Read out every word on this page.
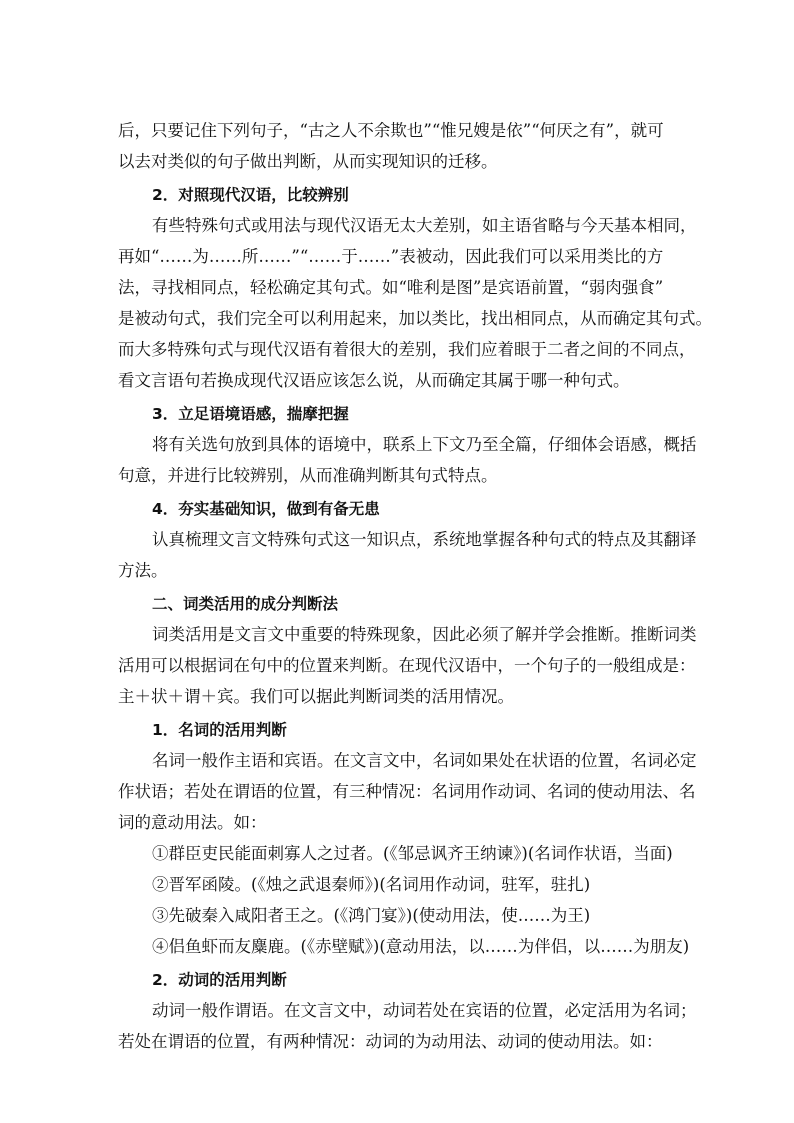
后，只要记住下列句子，“古之人不余欺也”“惟兄嫂是依”“何厌之有”，就可
以去对类似的句子做出判断，从而实现知识的迁移。
2．对照现代汉语，比较辨别
有些特殊句式或用法与现代汉语无太大差别，如主语省略与今天基本相同，
再如“……为……所……”“……于……”表被动，因此我们可以采用类比的方
法，寻找相同点，轻松确定其句式。如“唯利是图”是宾语前置，“弱肉强食”
是被动句式，我们完全可以利用起来，加以类比，找出相同点，从而确定其句式。
而大多特殊句式与现代汉语有着很大的差别，我们应着眼于二者之间的不同点，
看文言语句若换成现代汉语应该怎么说，从而确定其属于哪一种句式。
3．立足语境语感，揣摩把握
将有关选句放到具体的语境中，联系上下文乃至全篇，仔细体会语感，概括
句意，并进行比较辨别，从而准确判断其句式特点。
4．夯实基础知识，做到有备无患
认真梳理文言文特殊句式这一知识点，系统地掌握各种句式的特点及其翻译
方法。
二、词类活用的成分判断法
词类活用是文言文中重要的特殊现象，因此必须了解并学会推断。推断词类
活用可以根据词在句中的位置来判断。在现代汉语中，一个句子的一般组成是：
主＋状＋谓＋宾。我们可以据此判断词类的活用情况。
1．名词的活用判断
名词一般作主语和宾语。在文言文中，名词如果处在状语的位置，名词必定
作状语；若处在谓语的位置，有三种情况：名词用作动词、名词的使动用法、名
词的意动用法。如：
①群臣吏民能面刺寡人之过者。(《邹忌讽齐王纳谏》)(名词作状语，当面)
②晋军函陵。(《烛之武退秦师》)(名词用作动词，驻军，驻扎)
③先破秦入咸阳者王之。(《鸿门宴》)(使动用法，使……为王)
④侣鱼虾而友麋鹿。(《赤壁赋》)(意动用法，以……为伴侣，以……为朋友)
2．动词的活用判断
动词一般作谓语。在文言文中，动词若处在宾语的位置，必定活用为名词；
若处在谓语的位置，有两种情况：动词的为动用法、动词的使动用法。如：
